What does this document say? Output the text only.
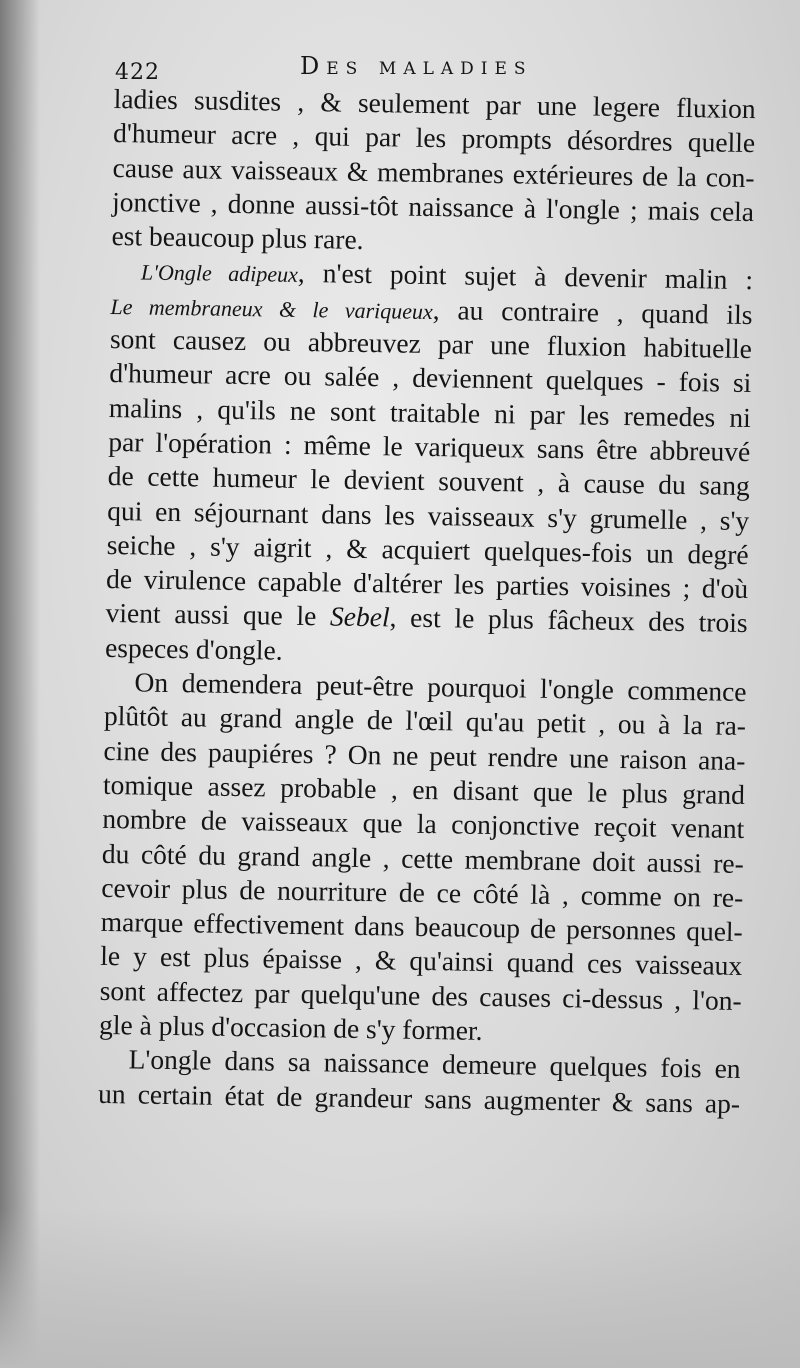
422	Des maladies
ladies susdites , & seulement par une legere fluxion
d'humeur acre , qui par les prompts désordres quelle
cause aux vaisseaux & membranes extérieures de la con-
jonctive , donne aussi-tôt naissance à l'ongle ; mais cela
est beaucoup plus rare.
L'Ongle adipeux, n'est point sujet à devenir malin :
Le membraneux & le variqueux, au contraire , quand ils
sont causez ou abbreuvez par une fluxion habituelle
d'humeur acre ou salée , deviennent quelques - fois si
malins , qu'ils ne sont traitable ni par les remedes ni
par l'opération : même le variqueux sans être abbreuvé
de cette humeur le devient souvent , à cause du sang
qui en séjournant dans les vaisseaux s'y grumelle , s'y
seiche , s'y aigrit , & acquiert quelques-fois un degré
de virulence capable d'altérer les parties voisines ; d'où
vient aussi que le Sebel, est le plus fâcheux des trois
especes d'ongle.
On demendera peut-être pourquoi l'ongle commence
plûtôt au grand angle de l'œil qu'au petit , ou à la ra-
cine des paupiéres ? On ne peut rendre une raison ana-
tomique assez probable , en disant que le plus grand
nombre de vaisseaux que la conjonctive reçoit venant
du côté du grand angle , cette membrane doit aussi re-
cevoir plus de nourriture de ce côté là , comme on re-
marque effectivement dans beaucoup de personnes quel-
le y est plus épaisse , & qu'ainsi quand ces vaisseaux
sont affectez par quelqu'une des causes ci-dessus , l'on-
gle à plus d'occasion de s'y former.
L'ongle dans sa naissance demeure quelques fois en
un certain état de grandeur sans augmenter & sans ap-
